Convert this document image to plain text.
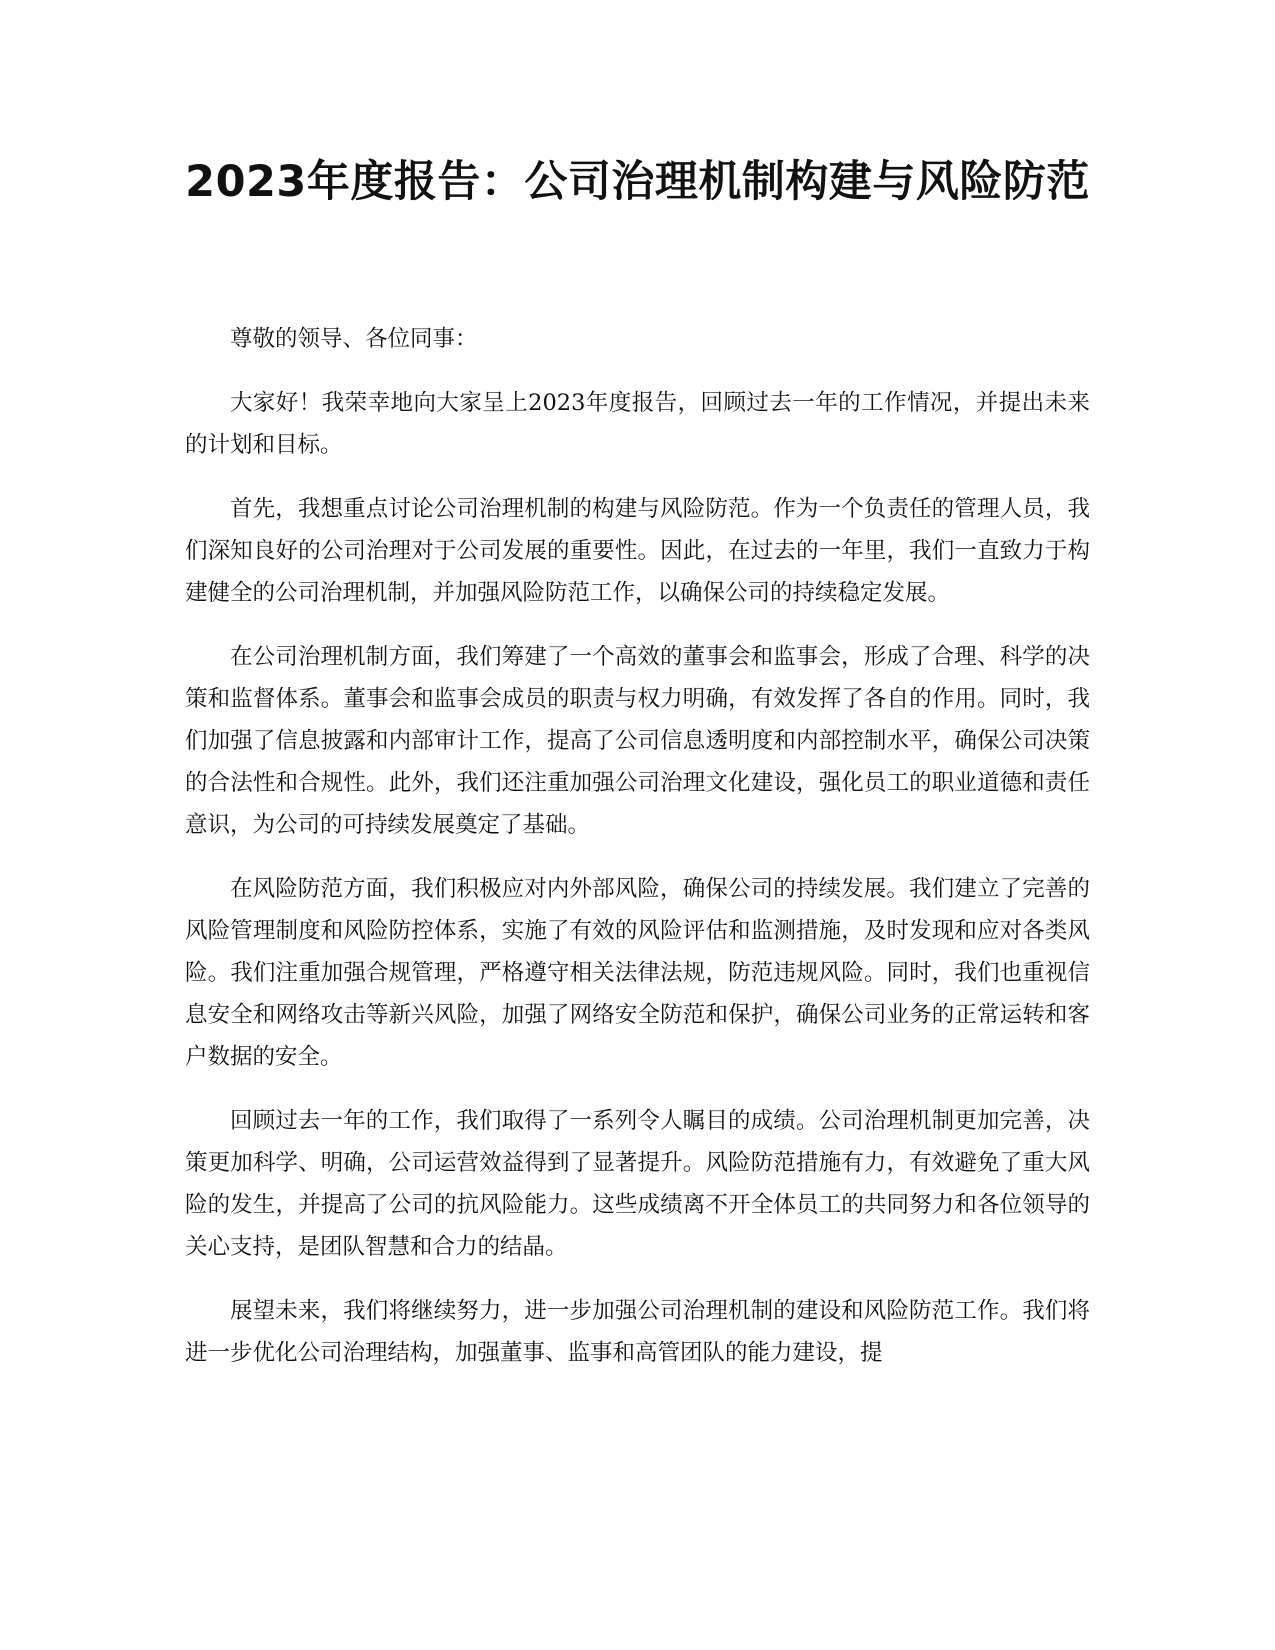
2023年度报告：公司治理机制构建与风险防范

尊敬的领导、各位同事：

大家好！我荣幸地向大家呈上2023年度报告，回顾过去一年的工作情况，并提出未来的计划和目标。

首先，我想重点讨论公司治理机制的构建与风险防范。作为一个负责任的管理人员，我们深知良好的公司治理对于公司发展的重要性。因此，在过去的一年里，我们一直致力于构建健全的公司治理机制，并加强风险防范工作，以确保公司的持续稳定发展。

在公司治理机制方面，我们筹建了一个高效的董事会和监事会，形成了合理、科学的决策和监督体系。董事会和监事会成员的职责与权力明确，有效发挥了各自的作用。同时，我们加强了信息披露和内部审计工作，提高了公司信息透明度和内部控制水平，确保公司决策的合法性和合规性。此外，我们还注重加强公司治理文化建设，强化员工的职业道德和责任意识，为公司的可持续发展奠定了基础。

在风险防范方面，我们积极应对内外部风险，确保公司的持续发展。我们建立了完善的风险管理制度和风险防控体系，实施了有效的风险评估和监测措施，及时发现和应对各类风险。我们注重加强合规管理，严格遵守相关法律法规，防范违规风险。同时，我们也重视信息安全和网络攻击等新兴风险，加强了网络安全防范和保护，确保公司业务的正常运转和客户数据的安全。

回顾过去一年的工作，我们取得了一系列令人瞩目的成绩。公司治理机制更加完善，决策更加科学、明确，公司运营效益得到了显著提升。风险防范措施有力，有效避免了重大风险的发生，并提高了公司的抗风险能力。这些成绩离不开全体员工的共同努力和各位领导的关心支持，是团队智慧和合力的结晶。

展望未来，我们将继续努力，进一步加强公司治理机制的建设和风险防范工作。我们将进一步优化公司治理结构，加强董事、监事和高管团队的能力建设，提
